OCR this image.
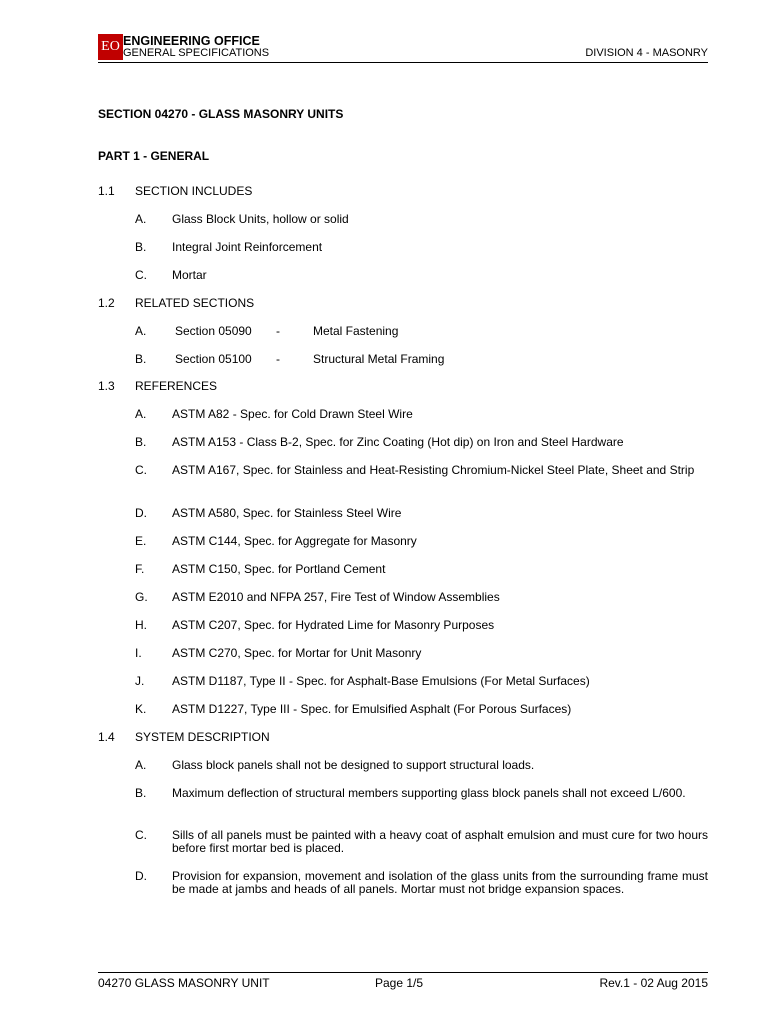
EO ENGINEERING OFFICE
GENERAL SPECIFICATIONS	DIVISION 4 - MASONRY
SECTION 04270 - GLASS MASONRY UNITS
PART 1 - GENERAL
1.1 SECTION INCLUDES
A. Glass Block Units, hollow or solid
B. Integral Joint Reinforcement
C. Mortar
1.2 RELATED SECTIONS
A. Section 05090 -	Metal Fastening
B. Section 05100 -	Structural Metal Framing
1.3 REFERENCES
A. ASTM A82 - Spec. for Cold Drawn Steel Wire
B. ASTM A153 - Class B-2, Spec. for Zinc Coating (Hot dip) on Iron and Steel Hardware
C. ASTM A167, Spec. for Stainless and Heat-Resisting Chromium-Nickel Steel Plate, Sheet and Strip
D. ASTM A580, Spec. for Stainless Steel Wire
E. ASTM C144, Spec. for Aggregate for Masonry
F. ASTM C150, Spec. for Portland Cement
G. ASTM E2010 and NFPA 257, Fire Test of Window Assemblies
H. ASTM C207, Spec. for Hydrated Lime for Masonry Purposes
I.	ASTM C270, Spec. for Mortar for Unit Masonry
J. ASTM D1187, Type II - Spec. for Asphalt-Base Emulsions (For Metal Surfaces)
K. ASTM D1227, Type III - Spec. for Emulsified Asphalt (For Porous Surfaces)
1.4 SYSTEM DESCRIPTION
A. Glass block panels shall not be designed to support structural loads.
B. Maximum deflection of structural members supporting glass block panels shall not exceed L/600.
C. Sills of all panels must be painted with a heavy coat of asphalt emulsion and must cure for two hours before first mortar bed is placed.
D. Provision for expansion, movement and isolation of the glass units from the surrounding frame must be made at jambs and heads of all panels. Mortar must not bridge expansion spaces.
04270 GLASS MASONRY UNIT	Page 1/5	Rev.1 - 02 Aug 2015
